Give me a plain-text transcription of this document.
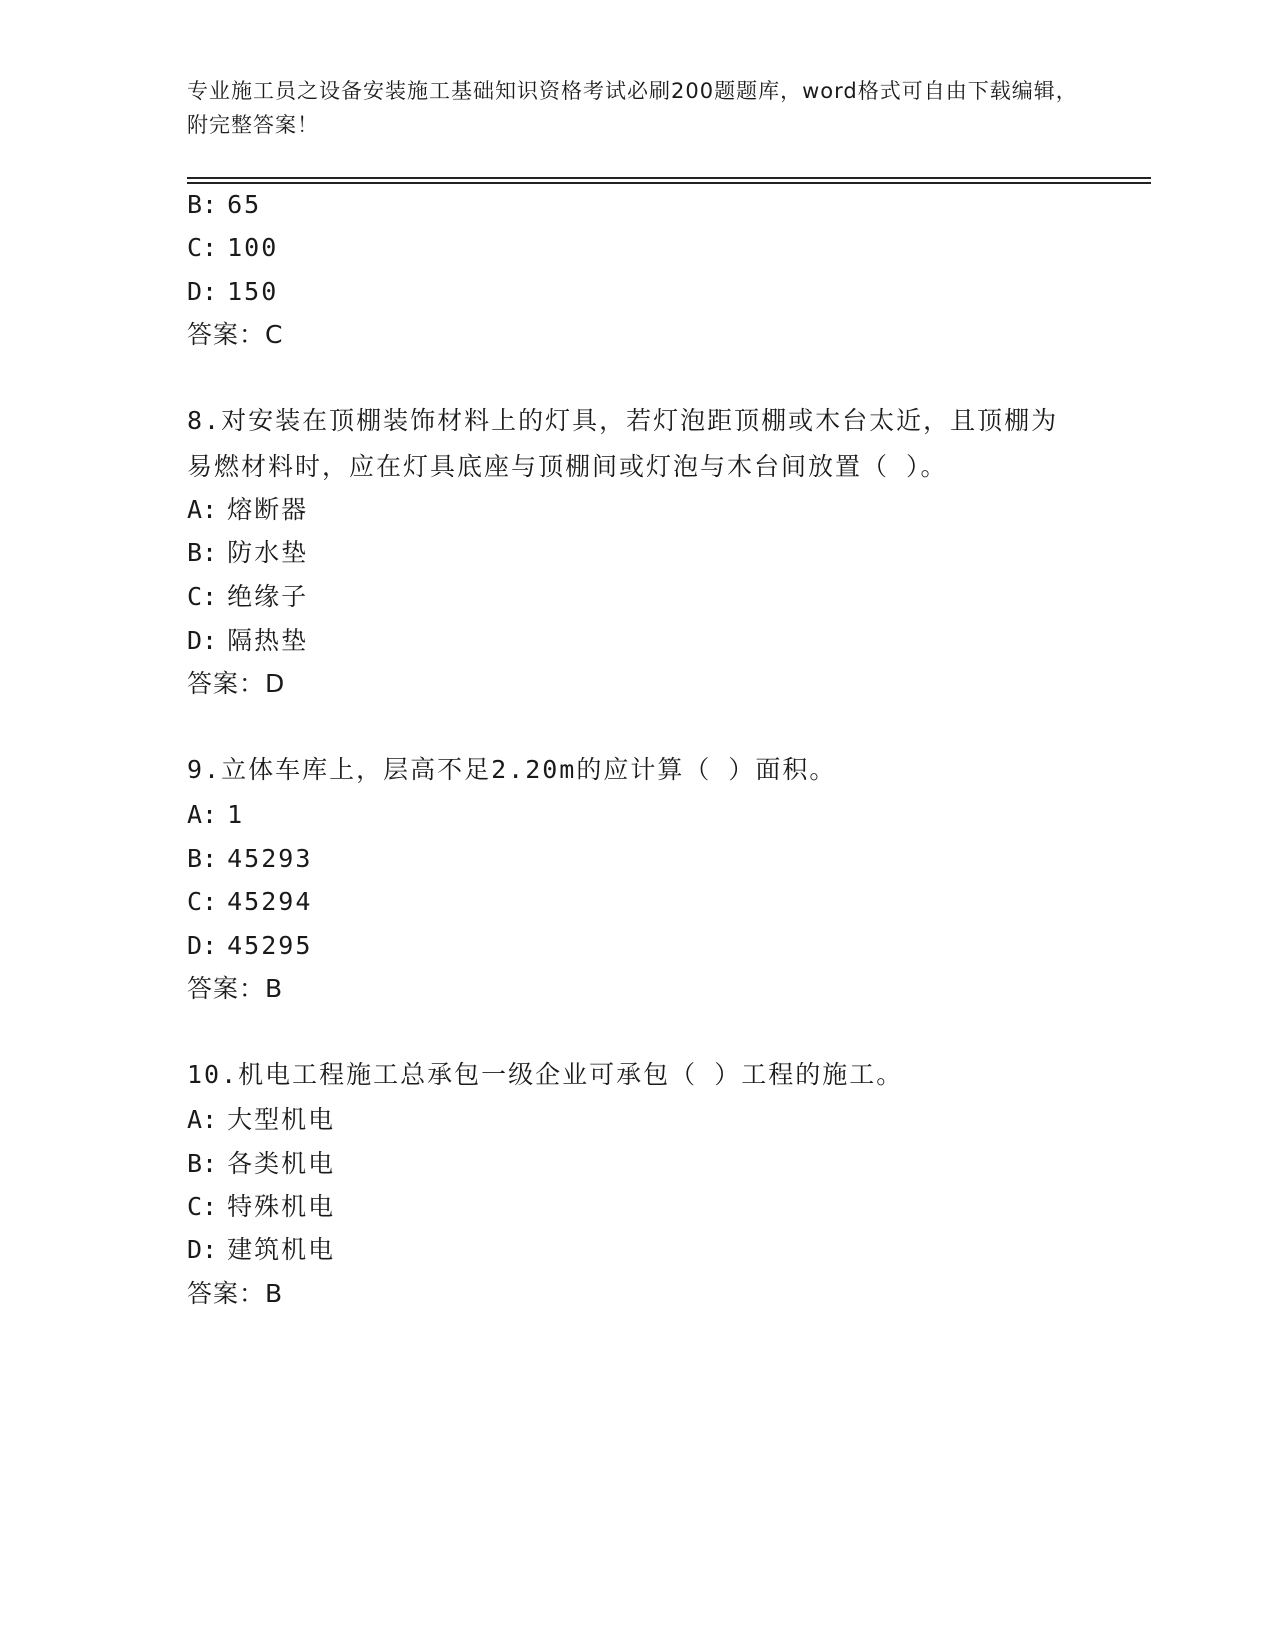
专业施工员之设备安装施工基础知识资格考试必刷200题题库，word格式可自由下载编辑，附完整答案！
B: 65
C: 100
D: 150
答案：C
8.对安装在顶棚装饰材料上的灯具，若灯泡距顶棚或木台太近，且顶棚为易燃材料时，应在灯具底座与顶棚间或灯泡与木台间放置（ ）。
A: 熔断器
B: 防水垫
C: 绝缘子
D: 隔热垫
答案：D
9.立体车库上，层高不足2.20m的应计算（ ）面积。
A: 1
B: 45293
C: 45294
D: 45295
答案：B
10.机电工程施工总承包一级企业可承包（ ）工程的施工。
A: 大型机电
B: 各类机电
C: 特殊机电
D: 建筑机电
答案：B
